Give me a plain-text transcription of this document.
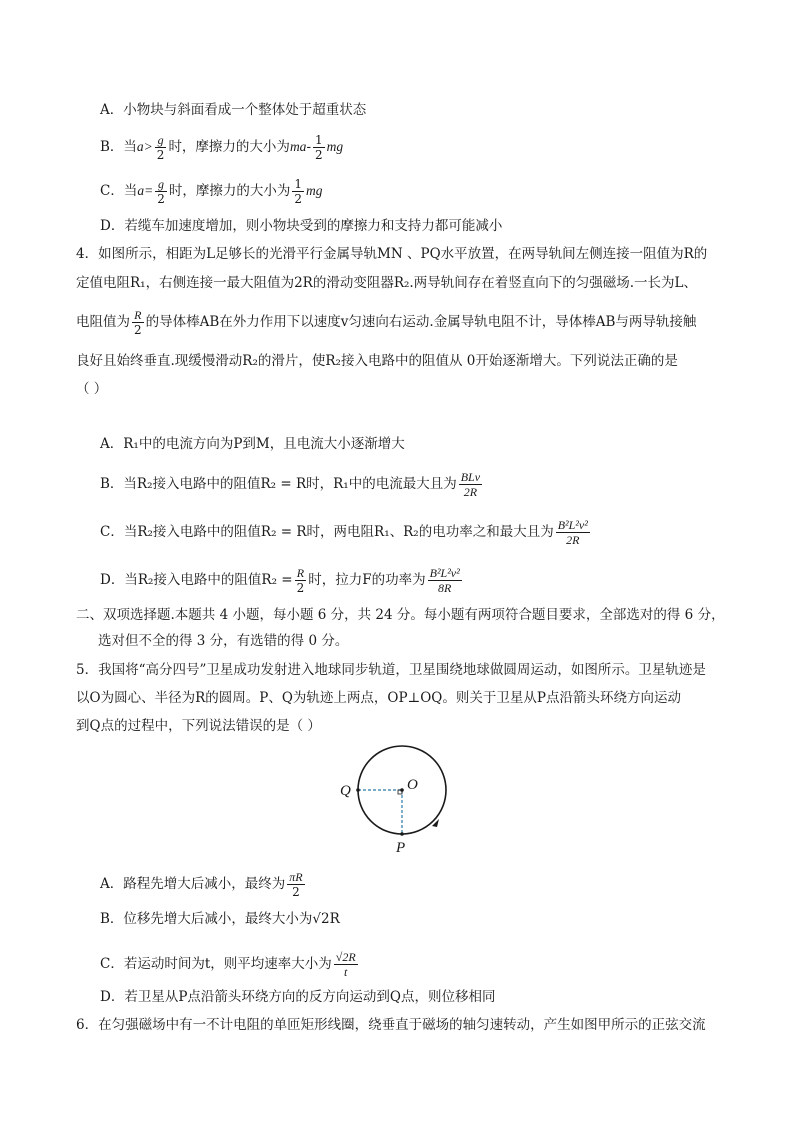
A．小物块与斜面看成一个整体处于超重状态
B．当$a> \frac{g}{2}$ 时，摩擦力的大小为$ma- \frac{1}{2}$ mg
C．当$a= \frac{g}{2}$ 时，摩擦力的大小为 $\frac{1}{2}$ mg
D．若缆车加速度增加，则小物块受到的摩擦力和支持力都可能减小
4．如图所示，相距为L足够长的光滑平行金属导轨MN 、PQ水平放置，在两导轨间左侧连接一阻值为R的
定值电阻R₁，右侧连接一最大阻值为2R的滑动变阻器R₂.两导轨间存在着竖直向下的匀强磁场.一长为L、
电阻值为 $\frac{R}{2}$ 的导体棒AB在外力作用下以速度v匀速向右运动.金属导轨电阻不计，导体棒AB与两导轨接触
良好且始终垂直.现缓慢滑动R₂的滑片，使R₂接入电路中的阻值从 0开始逐渐增大。下列说法正确的是
（ ）
A．R₁中的电流方向为P到M，且电流大小逐渐增大
B．当R₂接入电路中的阻值R₂ = R时，R₁中的电流最大且为 $\frac{\text{BLv}}{2R}$
C．当R₂接入电路中的阻值R₂ = R时，两电阻R₁、R₂的电功率之和最大且为 $\frac{\text{B²L²v²}}{2R}$
D．当R₂接入电路中的阻值$R_2 = \frac{R}{2}$ 时，拉力F的功率为 $\frac{\text{B²L²v²}}{8R}$
二、双项选择题.本题共 4 小题，每小题 6 分，共 24 分。每小题有两项符合题目要求，全部选对的得 6 分，
选对但不全的得 3 分，有选错的得 0 分。
5．我国将“高分四号”卫星成功发射进入地球同步轨道，卫星围绕地球做圆周运动，如图所示。卫星轨迹是
以O为圆心、半径为R的圆周。P、Q为轨迹上两点，OP⊥OQ。则关于卫星从P点沿箭头环绕方向运动
到Q点的过程中，下列说法错误的是（ ）
Q	O
P
A．路程先增大后减小，最终为 $\frac{\pi R}{2}$
B．位移先增大后减小，最终大小为√2R
C．若运动时间为t，则平均速率大小为 $\frac{√2R}{t}$
D．若卫星从P点沿箭头环绕方向的反方向运动到Q点，则位移相同
6．在匀强磁场中有一不计电阻的单匝矩形线圈，绕垂直于磁场的轴匀速转动，产生如图甲所示的正弦交流
